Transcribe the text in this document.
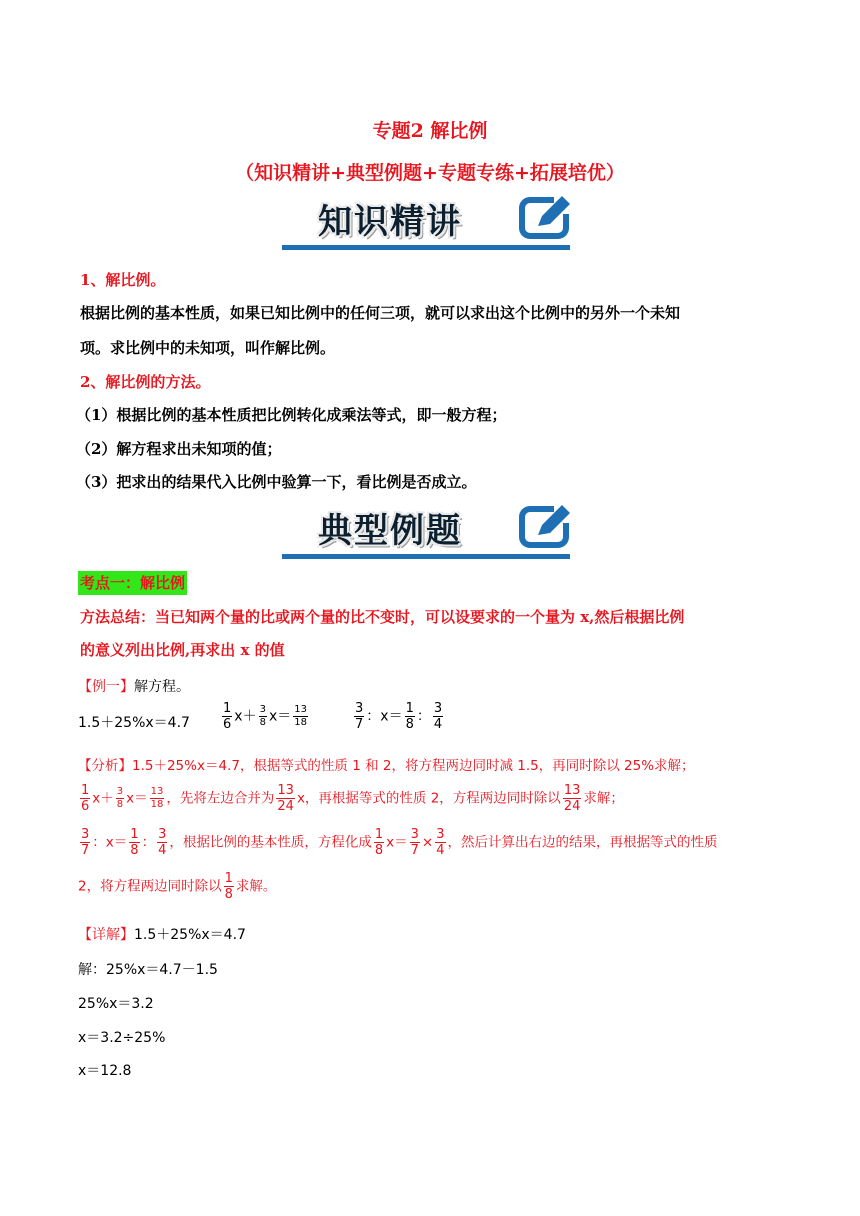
专题2 解比例
（知识精讲+典型例题+专题专练+拓展培优）
知识精讲
1、解比例。
根据比例的基本性质，如果已知比例中的任何三项，就可以求出这个比例中的另外一个未知
项。求比例中的未知项，叫作解比例。
2、解比例的方法。
（1）根据比例的基本性质把比例转化成乘法等式，即一般方程；
（2）解方程求出未知项的值；
（3）把求出的结果代入比例中验算一下，看比例是否成立。
典型例题
考点一：解比例
方法总结：当已知两个量的比或两个量的比不变时，可以设要求的一个量为 x,然后根据比例
的意义列出比例,再求出 x 的值
【例一】解方程。
$1.5+25\%x=4.7 \frac{1}{6} x+ \frac{3}{8} x= \frac{13}{18}$	$\frac{3}{7}$ ：$x= \frac{1}{8}$ ： $\frac{3}{4}$
【分析】1.5＋25%x＝4.7，根据等式的性质 1 和 2，将方程两边同时减 1.5，再同时除以 25%求解；
$\frac{1}{6} x+ \frac{3}{8} x= \frac{13}{18}$ ，先将左边合并为 $\frac{13}{24}$ x，再根据等式的性质 2，方程两边同时除以 $\frac{13}{24}$ 求解；
$\frac{3}{7}$ ：$x= \frac{1}{8}$ ： $\frac{3}{4}$ ，根据比例的基本性质，方程化成 $\frac{1}{8} x= \frac{3}{7} \times \frac{3}{4}$ ，然后计算出右边的结果，再根据等式的性质
2，将方程两边同时除以 $\frac{1}{8}$ 求解。
【详解】1.5＋25%x＝4.7
解：25%x＝4.7－1.5
25%x＝3.2
x＝3.2÷25%
x＝12.8
